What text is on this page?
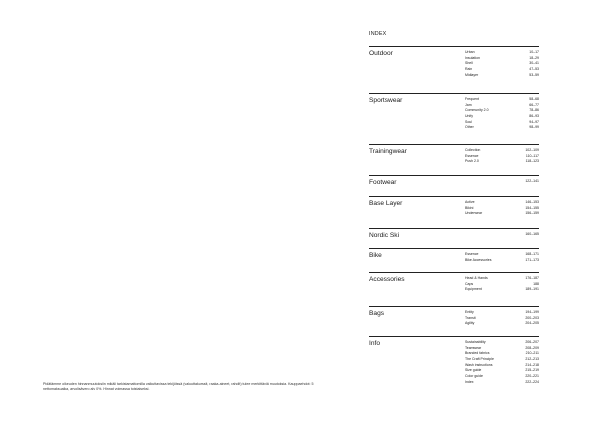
Pidätämme oikeuden hinnanmuutoksiin mikäli tarkistamattomilla vaikuttavissa tekijöissä (valuuttakurssit, raaka-aineet, rahdit) tulee merkittäviä muutoksia. Kauppaehdot: 5 nettomaksuaika, arvolisävero alv 0%. Hinnat voimassa toistaiseksi.
INDEX
Outdoor	Urban	10–17
Insulation	18–29
Shell	30–41
Rain	47–53
Midlayer	53–59
Sportswear	Frequent	58–68
Jam	66–77
Community 2.0	78–86
Unify	86–93
Soul	94–97
Other	98–99
Trainingwear	Collection	102–109
Essence	110–117
Push 2.0	118–123
Footwear	122–141
Base Layer	Active	146–153
Bikini	154–155
Underwear	156–159
Nordic Ski	160–165
Bike	Essence	168–171
Bike Accessories	171–173
Accessories	Head & Hands	176–187
Caps	188
Equipment	189–191
Bags	Entity	194–199
Transit	200–203
Agility	204–205
Info	Sustainability	206–207
Teamwear	208–209
Branded fabrics	210–211
The Craft Principle	212–213
Wash instructions	214–218
Size guide	215–219
Color guide	220–221
Index	222–224
